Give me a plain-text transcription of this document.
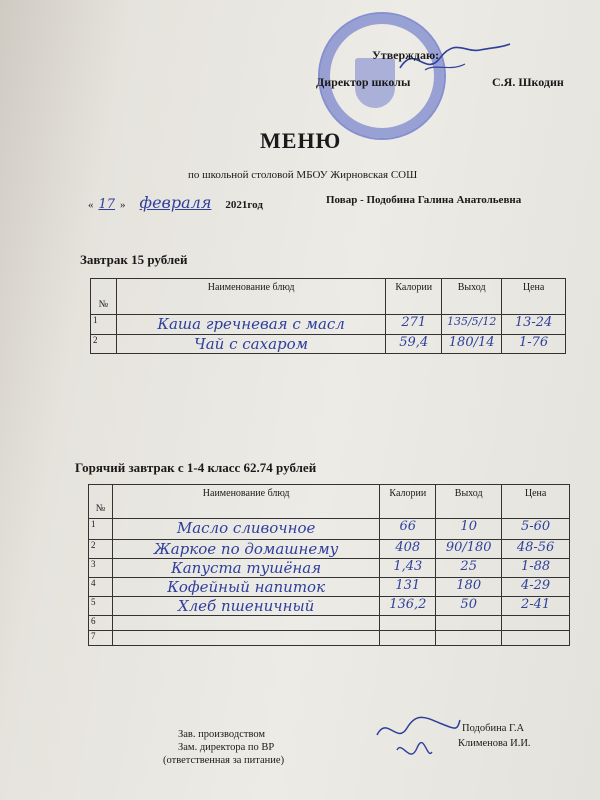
Утверждаю:
Директор школы	С.Я. Шкодин
МЕНЮ
по школьной столовой МБОУ Жирновская СОШ
« 17 » февраля	2021год	Повар - Подобина Галина Анатольевна
Завтрак 15 рублей
№	Наименование блюд	Калории	Выход	Цена
1	Каша гречневая с масл	271	135/5/12	13-24
2	Чай с сахаром	59,4	180/14	1-76
Горячий завтрак с 1-4 класс 62.74 рублей
№	Наименование блюд	Калории	Выход	Цена
1	Масло сливочное	66	10	5-60
2	Жаркое по домашнему	408	90/180	48-56
3	Капуста тушёная	1,43	25	1-88
4	Кофейный напиток	131	180	4-29
5	Хлеб пшеничный	136,2	50	2-41
6				
7				
Зав. производством
Зам. директора по ВР
(ответственная за питание)
Подобина Г.А
Клименова И.И.
